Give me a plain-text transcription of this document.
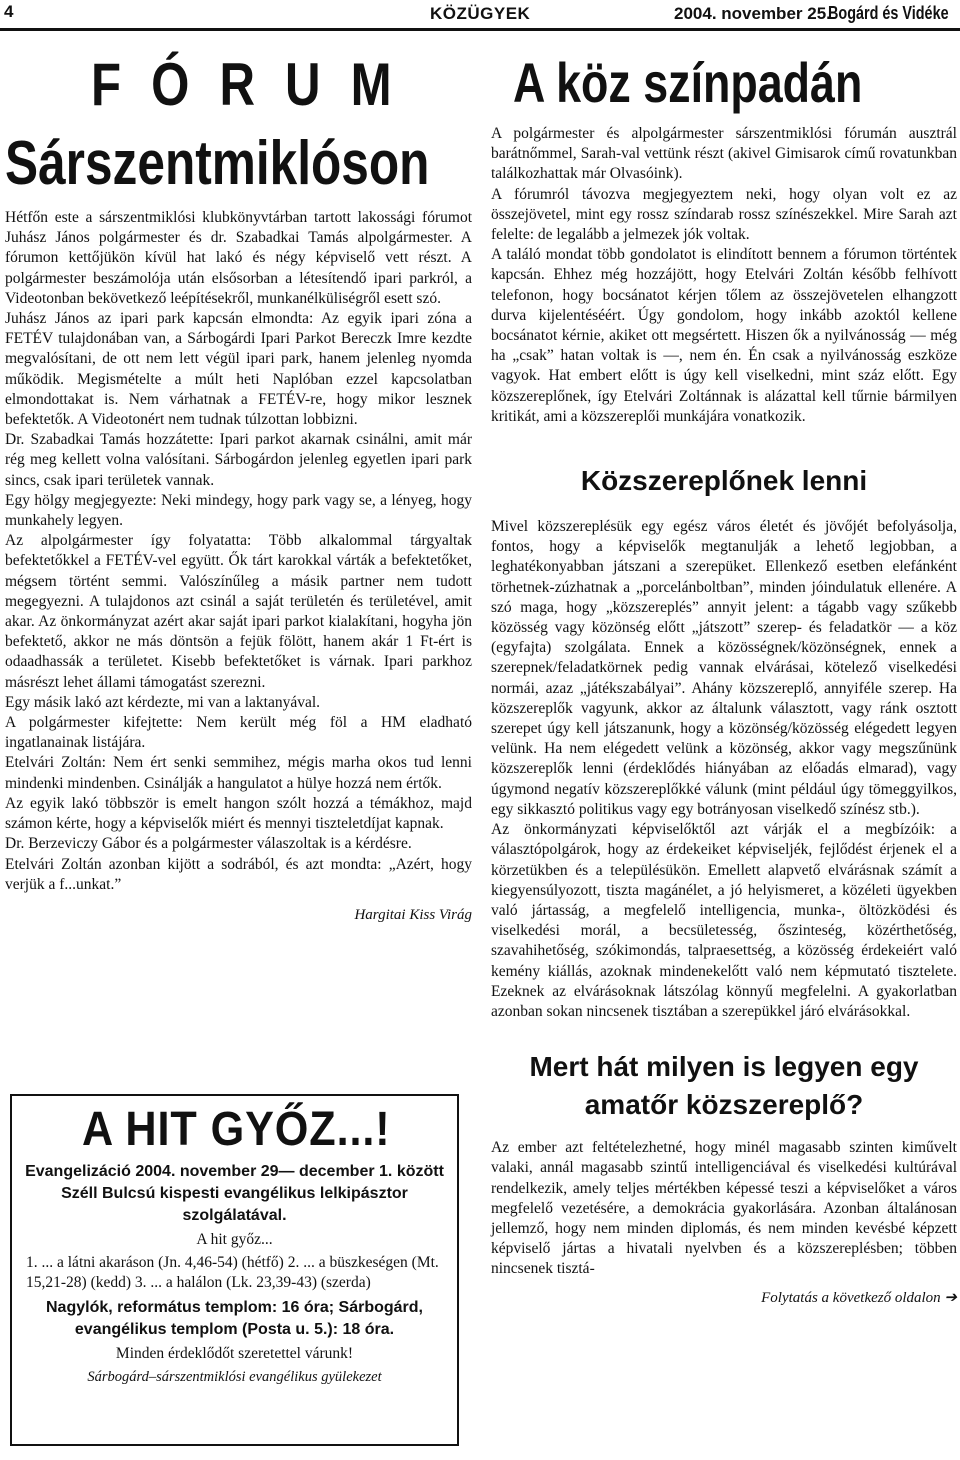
4	KÖZÜGYEK	2004. november 25.
Bogárd és Vidéke
F Ó R U M
Sárszentmiklóson

Hétfőn este a sárszentmiklósi klubkönyvtárban tartott lakossági fórumot Juhász János polgármester és dr. Szabadkai Tamás alpolgármester. A fórumon kettőjükön kívül hat lakó és négy képviselő vett részt. A polgármester beszámolója után elsősorban a létesítendő ipari parkról, a Videotonban bekövetkező leépítésekről, munkanélküliségről esett szó.

Juhász János az ipari park kapcsán elmondta: Az egyik ipari zóna a FETÉV tulajdonában van, a Sárbogárdi Ipari Parkot Bereczk Imre kezdte megvalósítani, de ott nem lett végül ipari park, hanem jelenleg nyomda működik. Megismételte a múlt heti Naplóban ezzel kapcsolatban elmondottakat is. Nem várhatnak a FETÉV-re, hogy mikor lesznek befektetők. A Videotonért nem tudnak túlzottan lobbizni.

Dr. Szabadkai Tamás hozzátette: Ipari parkot akarnak csinálni, amit már rég meg kellett volna valósítani. Sárbogárdon jelenleg egyetlen ipari park sincs, csak ipari területek vannak.

Egy hölgy megjegyezte: Neki mindegy, hogy park vagy se, a lényeg, hogy munkahely legyen.

Az alpolgármester így folyatatta: Több alkalommal tárgyaltak befektetőkkel a FETÉV-vel együtt. Ők tárt karokkal várták a befektetőket, mégsem történt semmi. Valószínűleg a másik partner nem tudott megegyezni. A tulajdonos azt csinál a saját területén és területével, amit akar. Az önkormányzat azért akar saját ipari parkot kialakítani, hogyha jön befektető, akkor ne más döntsön a fejük fölött, hanem akár 1 Ft-ért is odaadhassák a területet. Kisebb befektetőket is várnak. Ipari parkhoz másrészt lehet állami támogatást szerezni.

Egy másik lakó azt kérdezte, mi van a laktanyával.

A polgármester kifejtette: Nem került még föl a HM eladható ingatlanainak listájára.

Etelvári Zoltán: Nem ért senki semmihez, mégis marha okos tud lenni mindenki mindenben. Csinálják a hangulatot a hülye hozzá nem értők.

Az egyik lakó többször is emelt hangon szólt hozzá a témákhoz, majd számon kérte, hogy a képviselők miért és mennyi tiszteletdíjat kapnak.

Dr. Berzeviczy Gábor és a polgármester válaszoltak is a kérdésre.

Etelvári Zoltán azonban kijött a sodrából, és azt mondta: „Azért, hogy verjük a f...unkat.”

Hargitai Kiss Virág
A HIT GYŐZ...!
Evangelizáció 2004. november 29— december 1. között Széll Bulcsú kispesti evangélikus lelkipásztor szolgálatával.
A hit győz...
1. ... a látni akaráson (Jn. 4,46-54) (hétfő) 2. ... a büszkeségen (Mt. 15,21-28) (kedd) 3. ... a halálon (Lk. 23,39-43) (szerda)
Nagylók, református templom: 16 óra; Sárbogárd, evangélikus templom (Posta u. 5.): 18 óra.
Minden érdeklődőt szeretettel várunk!
Sárbogárd–sárszentmiklósi evangélikus gyülekezet
A köz színpadán

A polgármester és alpolgármester sárszentmiklósi fórumán ausztrál barátnőmmel, Sarah-val vettünk részt (akivel Gimisarok című rovatunkban találkozhattak már Olvasóink).

A fórumról távozva megjegyeztem neki, hogy olyan volt ez az összejövetel, mint egy rossz színdarab rossz színészekkel. Mire Sarah azt felelte: de legalább a jelmezek jók voltak.

A találó mondat több gondolatot is elindított bennem a fórumon történtek kapcsán. Ehhez még hozzájött, hogy Etelvári Zoltán később felhívott telefonon, hogy bocsánatot kérjen tőlem az összejövetelen elhangzott durva kijelentéséért. Úgy gondolom, hogy inkább azoktól kellene bocsánatot kérnie, akiket ott megsértett. Hiszen ők a nyilvánosság — még ha „csak” hatan voltak is —, nem én. Én csak a nyilvánosság eszköze vagyok. Hat embert előtt is úgy kell viselkedni, mint száz előtt. Egy közszereplőnek, így Etelvári Zoltánnak is alázattal kell tűrnie bármilyen kritikát, ami a közszereplői munkájára vonatkozik.

Közszereplőnek lenni

Mivel közszereplésük egy egész város életét és jövőjét befolyásolja, fontos, hogy a képviselők megtanulják a lehető legjobban, a leghatékonyabban játszani a szerepüket. Ellenkező esetben elefánként törhetnek-zúzhatnak a „porcelánboltban”, minden jóindulatuk ellenére. A szó maga, hogy „közszereplés” annyit jelent: a tágabb vagy szűkebb közösség vagy közönség előtt „játszott” szerep- és feladatkör — a köz (egyfajta) szolgálata. Ennek a közösségnek/közönségnek, ennek a szerepnek/feladatkörnek pedig vannak elvárásai, kötelező viselkedési normái, azaz „játékszabályai”. Ahány közszereplő, annyiféle szerep. Ha közszereplők vagyunk, akkor az általunk választott, vagy ránk osztott szerepet úgy kell játszanunk, hogy a közönség/közösség elégedett legyen velünk. Ha nem elégedett velünk a közönség, akkor vagy megszűnünk közszereplők lenni (érdeklődés hiányában az előadás elmarad), vagy úgymond negatív közszereplőkké válunk (mint például úgy tömeggyilkos, egy sikkasztó politikus vagy egy botrányosan viselkedő színész stb.).

Az önkormányzati képviselőktől azt várják el a megbízóik: a választópolgárok, hogy az érdekeiket képviseljék, fejlődést érjenek el a körzetükben és a településükön. Emellett alapvető elvárásnak számít a kiegyensúlyozott, tiszta magánélet, a jó helyismeret, a közéleti ügyekben való jártasság, a megfelelő intelligencia, munka-, öltözködési és viselkedési morál, a becsületesség, őszinteség, közérthetőség, szavahihetőség, szókimondás, talpraesettség, a közösség érdekeiért való kemény kiállás, azoknak mindenekelőtt való nem képmutató tisztelete. Ezeknek az elvárásoknak látszólag könnyű megfelelni. A gyakorlatban azonban sokan nincsenek tisztában a szerepükkel járó elvárásokkal.

Mert hát milyen is legyen egy amatőr közszereplő?

Az ember azt feltételezhetné, hogy minél magasabb szinten kiművelt valaki, annál magasabb szintű intelligenciával és viselkedési kultúrával rendelkezik, amely teljes mértékben képessé teszi a képviselőket a város megfelelő vezetésére, a demokrácia gyakorlására. Azonban általánosan jellemző, hogy nem minden diplomás, és nem minden kevésbé képzett képviselő jártas a hivatali nyelvben és a közszereplésben; többen nincsenek tisztá-

Folytatás a következő oldalon ➔
